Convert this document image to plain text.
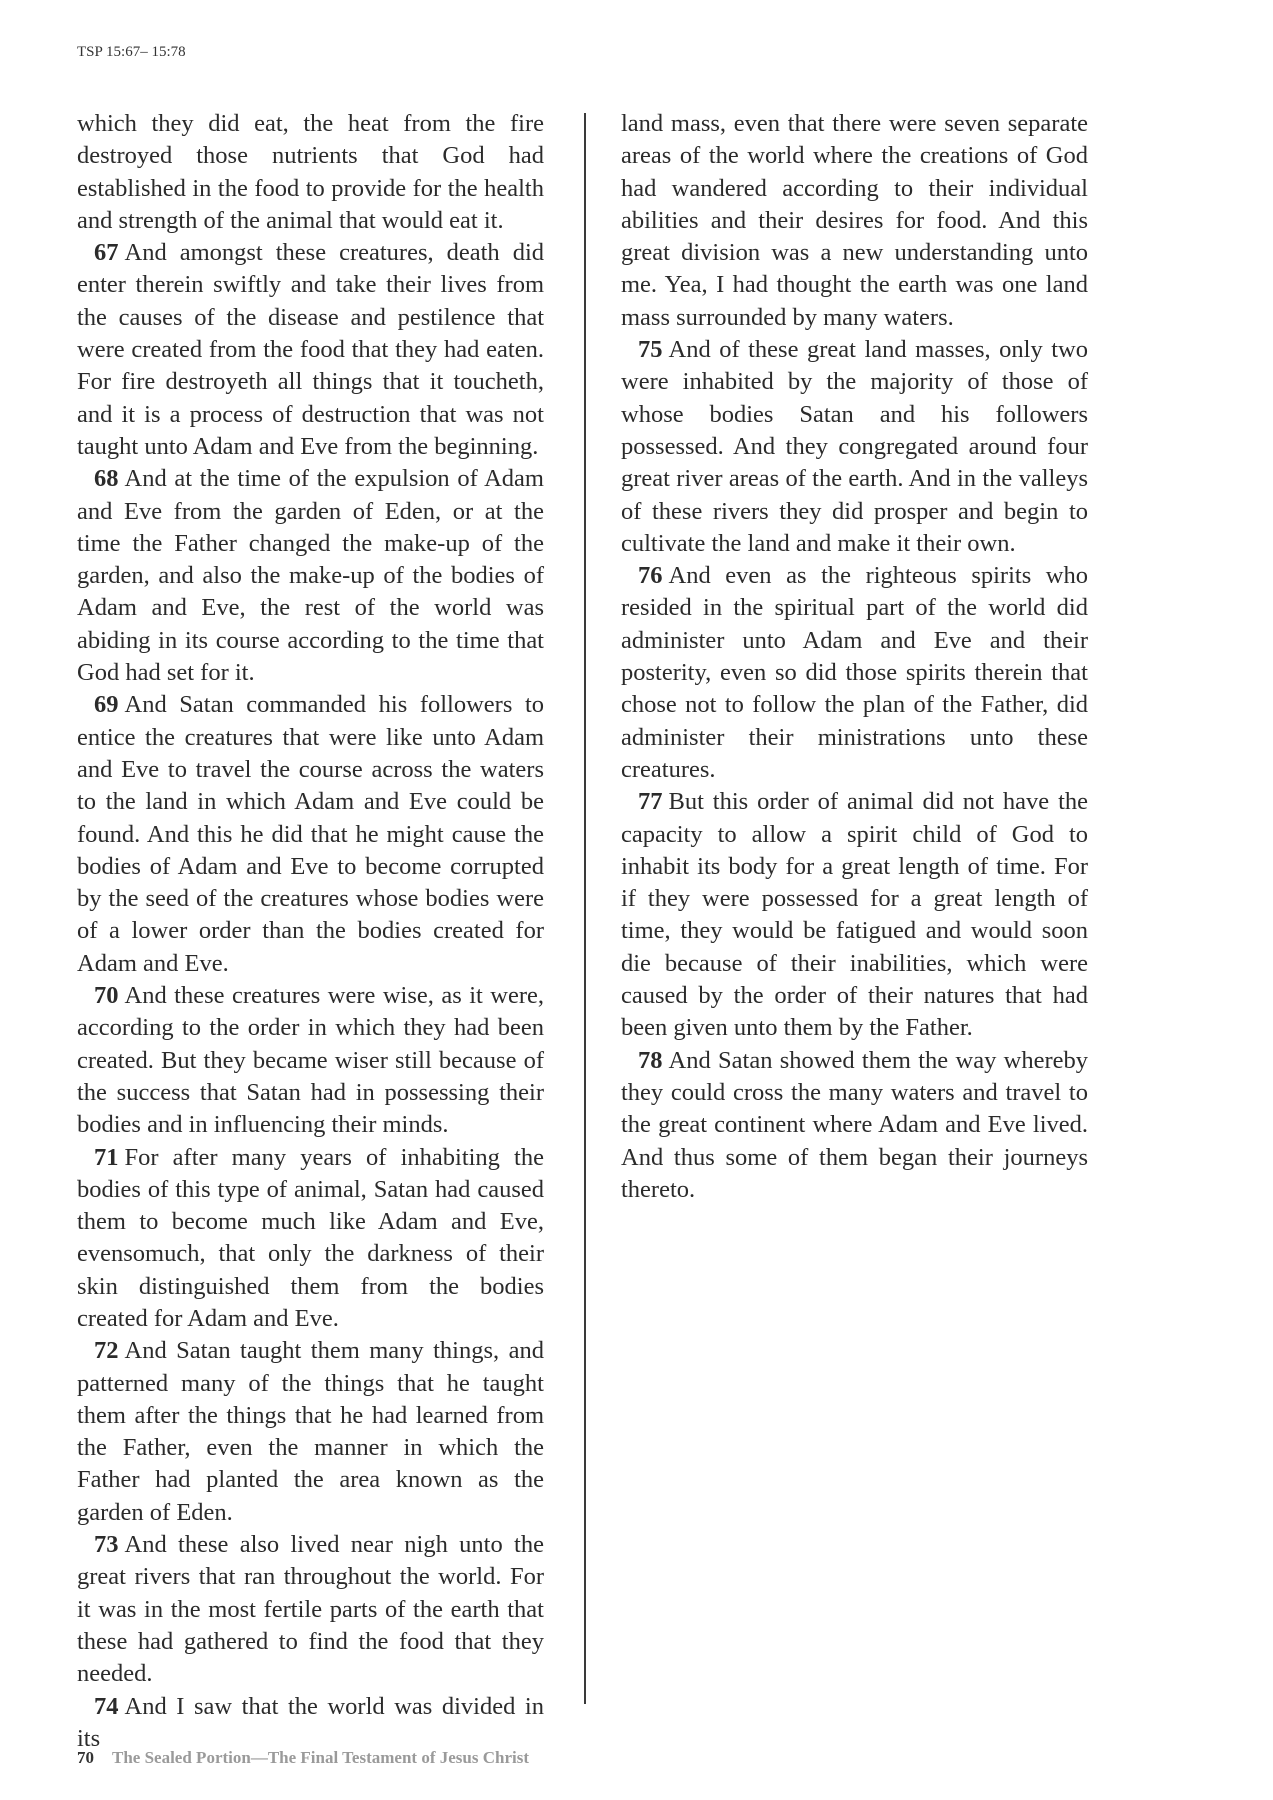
TSP 15:67– 15:78

which they did eat, the heat from the fire destroyed those nutrients that God had established in the food to provide for the health and strength of the animal that would eat it.

67 And amongst these creatures, death did enter therein swiftly and take their lives from the causes of the disease and pestilence that were created from the food that they had eaten. For fire destroyeth all things that it toucheth, and it is a process of destruction that was not taught unto Adam and Eve from the beginning.

68 And at the time of the expulsion of Adam and Eve from the garden of Eden, or at the time the Father changed the make-up of the garden, and also the make-up of the bodies of Adam and Eve, the rest of the world was abiding in its course according to the time that God had set for it.

69 And Satan commanded his followers to entice the creatures that were like unto Adam and Eve to travel the course across the waters to the land in which Adam and Eve could be found. And this he did that he might cause the bodies of Adam and Eve to become corrupted by the seed of the creatures whose bodies were of a lower order than the bodies created for Adam and Eve.

70 And these creatures were wise, as it were, according to the order in which they had been created. But they became wiser still because of the success that Satan had in possessing their bodies and in influencing their minds.

71 For after many years of inhabiting the bodies of this type of animal, Satan had caused them to become much like Adam and Eve, evensomuch, that only the darkness of their skin distinguished them from the bodies created for Adam and Eve.

72 And Satan taught them many things, and patterned many of the things that he taught them after the things that he had learned from the Father, even the manner in which the Father had planted the area known as the garden of Eden.

73 And these also lived near nigh unto the great rivers that ran throughout the world. For it was in the most fertile parts of the earth that these had gathered to find the food that they needed.

74 And I saw that the world was divided in its

land mass, even that there were seven separate areas of the world where the creations of God had wandered according to their individual abilities and their desires for food. And this great division was a new understanding unto me. Yea, I had thought the earth was one land mass surrounded by many waters.

75 And of these great land masses, only two were inhabited by the majority of those of whose bodies Satan and his followers possessed. And they congregated around four great river areas of the earth. And in the valleys of these rivers they did prosper and begin to cultivate the land and make it their own.

76 And even as the righteous spirits who resided in the spiritual part of the world did administer unto Adam and Eve and their posterity, even so did those spirits therein that chose not to follow the plan of the Father, did administer their ministrations unto these creatures.

77 But this order of animal did not have the capacity to allow a spirit child of God to inhabit its body for a great length of time. For if they were possessed for a great length of time, they would be fatigued and would soon die because of their inabilities, which were caused by the order of their natures that had been given unto them by the Father.

78 And Satan showed them the way whereby they could cross the many waters and travel to the great continent where Adam and Eve lived. And thus some of them began their journeys thereto.

70 The Sealed Portion—The Final Testament of Jesus Christ
